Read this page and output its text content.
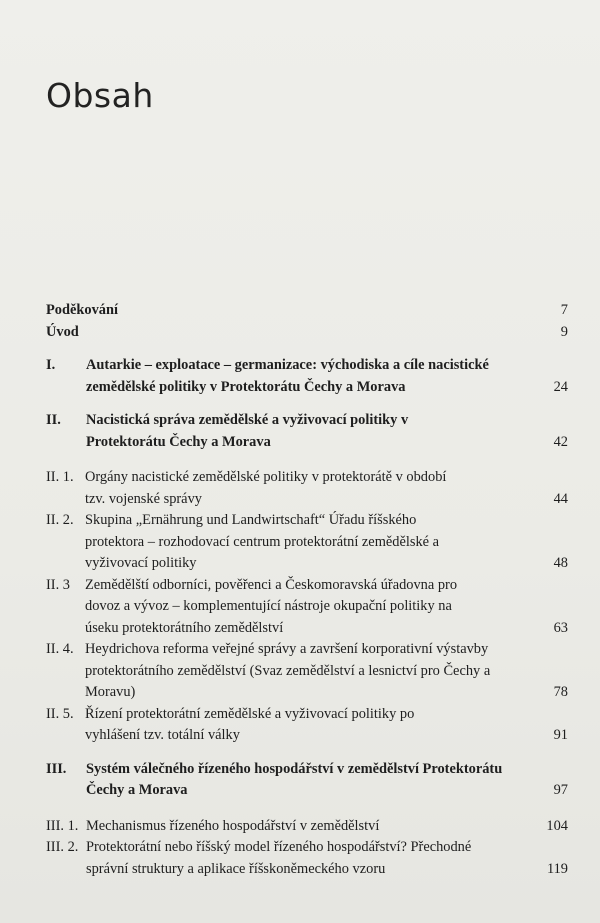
Obsah
Poděkování	7
Úvod	9
I.	Autarkie – exploatace – germanizace: východiska a cíle nacistické zemědělské politiky v Protektorátu Čechy a Morava	24
II.	Nacistická správa zemědělské a vyživovací politiky v Protektorátu Čechy a Morava	42
II. 1. Orgány nacistické zemědělské politiky v protektorátě v období tzv. vojenské správy	44
II. 2. Skupina „Ernährung und Landwirtschaft“ Úřadu říšského protektora – rozhodovací centrum protektorátní zemědělské a vyživovací politiky	48
II. 3	Zemědělští odborníci, pověřenci a Českomoravská úřadovna pro dovoz a vývoz – komplementující nástroje okupační politiky na úseku protektorátního zemědělství	63
II. 4. Heydrichova reforma veřejné správy a završení korporativní výstavby protektorátního zemědělství (Svaz zemědělství a lesnictví pro Čechy a Moravu)	78
II. 5. Řízení protektorátní zemědělské a vyživovací politiky po vyhlášení tzv. totální války	91
III.	Systém válečného řízeného hospodářství v zemědělství Protektorátu Čechy a Morava	97
III. 1. Mechanismus řízeného hospodářství v zemědělství	104
III. 2. Protektorátní nebo říšský model řízeného hospodářství? Přechodné správní struktury a aplikace říšskoněmeckého vzoru	119
